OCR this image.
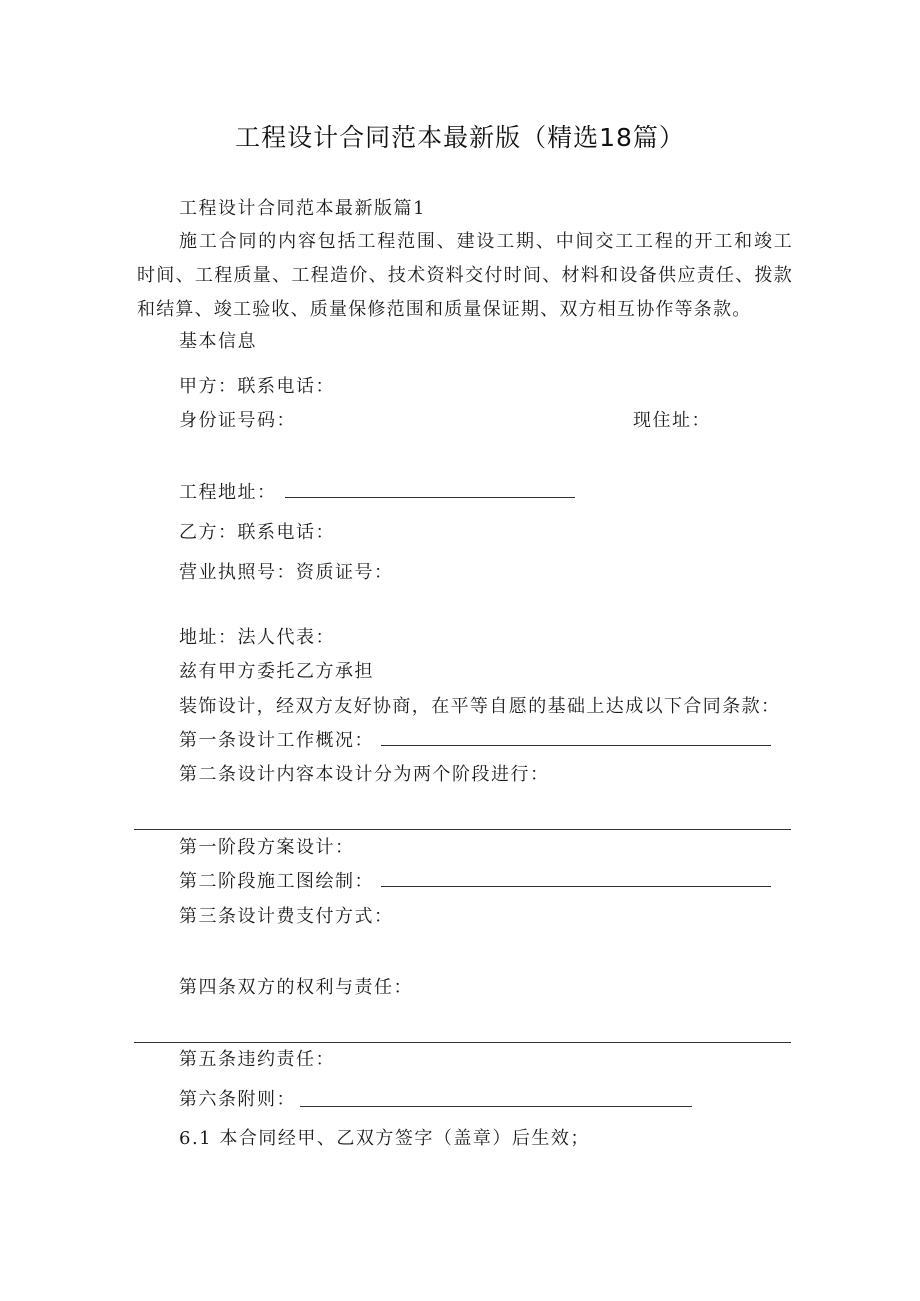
工程设计合同范本最新版（精选18篇）
工程设计合同范本最新版篇1
施工合同的内容包括工程范围、建设工期、中间交工工程的开工和竣工时间、工程质量、工程造价、技术资料交付时间、材料和设备供应责任、拨款和结算、竣工验收、质量保修范围和质量保证期、双方相互协作等条款。
基本信息
甲方：联系电话：
身份证号码：	现住址：
工程地址：
乙方：联系电话：
营业执照号：资质证号：
地址：法人代表：
兹有甲方委托乙方承担
装饰设计，经双方友好协商，在平等自愿的基础上达成以下合同条款：
第一条设计工作概况：
第二条设计内容本设计分为两个阶段进行：
第一阶段方案设计：
第二阶段施工图绘制：
第三条设计费支付方式：
第四条双方的权利与责任：
第五条违约责任：
第六条附则：
6.1 本合同经甲、乙双方签字（盖章）后生效；
